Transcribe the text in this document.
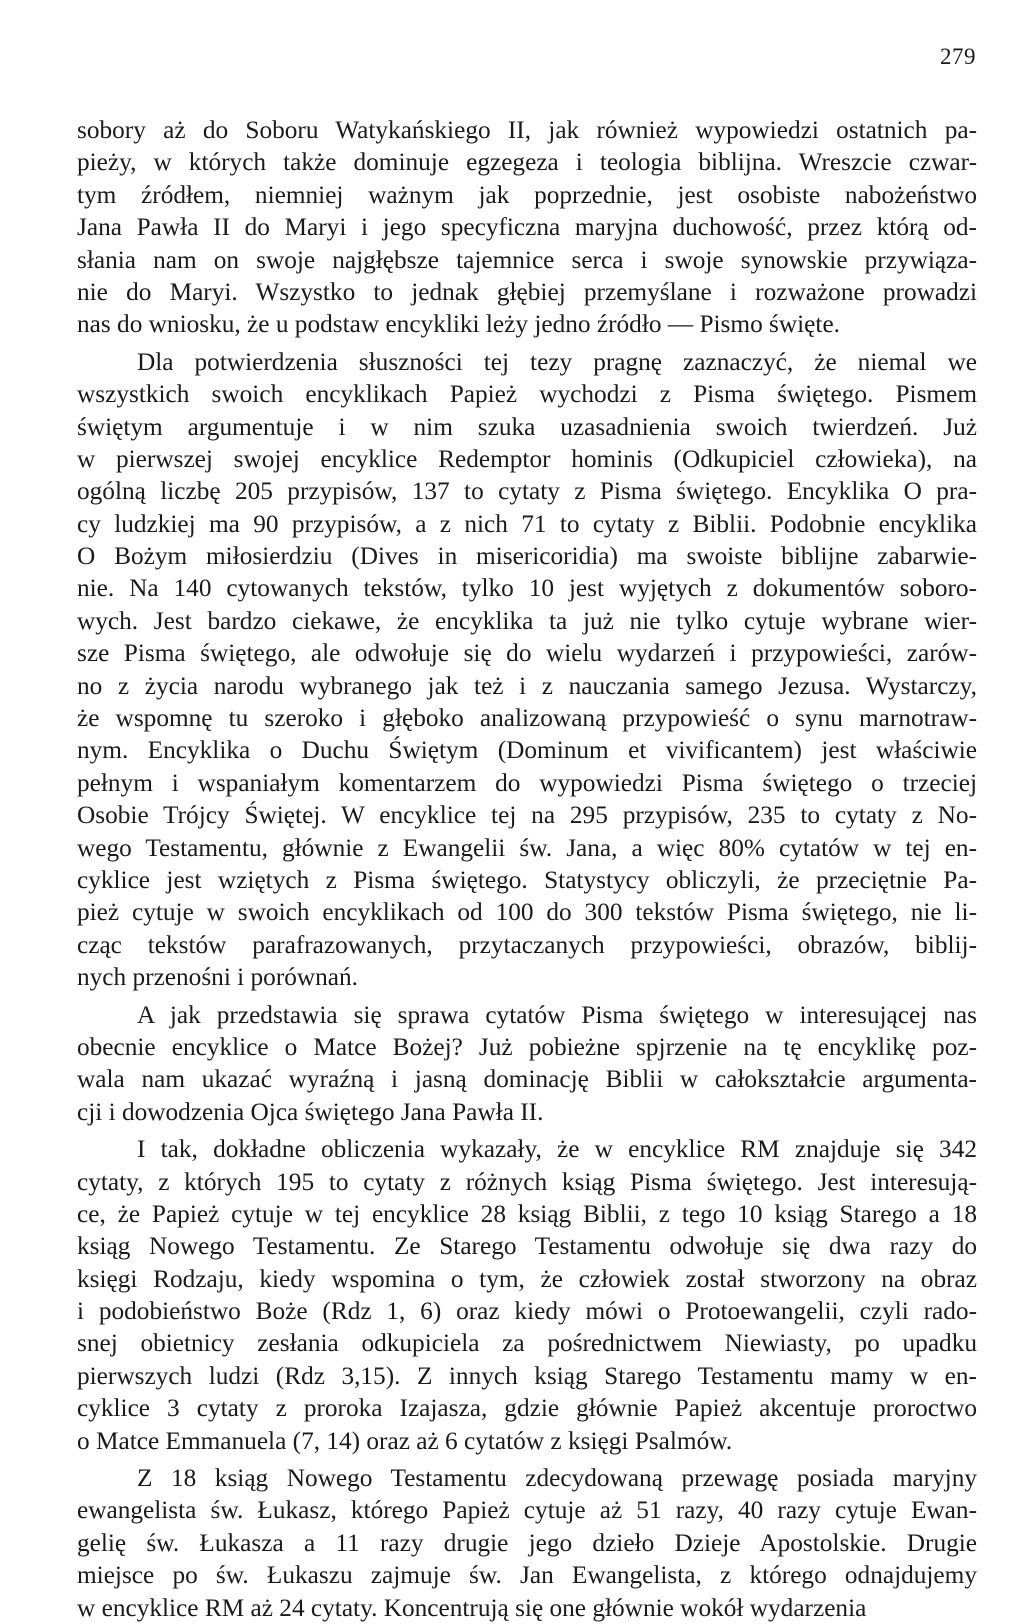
279
sobory aż do Soboru Watykańskiego II, jak również wypowiedzi ostatnich pa-
pieży, w których także dominuje egzegeza i teologia biblijna. Wreszcie czwar-
tym źródłem, niemniej ważnym jak poprzednie, jest osobiste nabożeństwo
Jana Pawła II do Maryi i jego specyficzna maryjna duchowość, przez którą od-
słania nam on swoje najgłębsze tajemnice serca i swoje synowskie przywiąza-
nie do Maryi. Wszystko to jednak głębiej przemyślane i rozważone prowadzi
nas do wniosku, że u podstaw encykliki leży jedno źródło — Pismo święte.
Dla potwierdzenia słuszności tej tezy pragnę zaznaczyć, że niemal we
wszystkich swoich encyklikach Papież wychodzi z Pisma świętego. Pismem
świętym argumentuje i w nim szuka uzasadnienia swoich twierdzeń. Już
w pierwszej swojej encyklice Redemptor hominis (Odkupiciel człowieka), na
ogólną liczbę 205 przypisów, 137 to cytaty z Pisma świętego. Encyklika O pra-
cy ludzkiej ma 90 przypisów, a z nich 71 to cytaty z Biblii. Podobnie encyklika
O Bożym miłosierdziu (Dives in misericoridia) ma swoiste biblijne zabarwie-
nie. Na 140 cytowanych tekstów, tylko 10 jest wyjętych z dokumentów soboro-
wych. Jest bardzo ciekawe, że encyklika ta już nie tylko cytuje wybrane wier-
sze Pisma świętego, ale odwołuje się do wielu wydarzeń i przypowieści, zarów-
no z życia narodu wybranego jak też i z nauczania samego Jezusa. Wystarczy,
że wspomnę tu szeroko i głęboko analizowaną przypowieść o synu marnotraw-
nym. Encyklika o Duchu Świętym (Dominum et vivificantem) jest właściwie
pełnym i wspaniałym komentarzem do wypowiedzi Pisma świętego o trzeciej
Osobie Trójcy Świętej. W encyklice tej na 295 przypisów, 235 to cytaty z No-
wego Testamentu, głównie z Ewangelii św. Jana, a więc 80% cytatów w tej en-
cyklice jest wziętych z Pisma świętego. Statystycy obliczyli, że przeciętnie Pa-
pież cytuje w swoich encyklikach od 100 do 300 tekstów Pisma świętego, nie li-
cząc tekstów parafrazowanych, przytaczanych przypowieści, obrazów, biblij-
nych przenośni i porównań.
A jak przedstawia się sprawa cytatów Pisma świętego w interesującej nas
obecnie encyklice o Matce Bożej? Już pobieżne spjrzenie na tę encyklikę poz-
wala nam ukazać wyraźną i jasną dominację Biblii w całokształcie argumenta-
cji i dowodzenia Ojca świętego Jana Pawła II.
I tak, dokładne obliczenia wykazały, że w encyklice RM znajduje się 342
cytaty, z których 195 to cytaty z różnych ksiąg Pisma świętego. Jest interesują-
ce, że Papież cytuje w tej encyklice 28 ksiąg Biblii, z tego 10 ksiąg Starego a 18
ksiąg Nowego Testamentu. Ze Starego Testamentu odwołuje się dwa razy do
księgi Rodzaju, kiedy wspomina o tym, że człowiek został stworzony na obraz
i podobieństwo Boże (Rdz 1, 6) oraz kiedy mówi o Protoewangelii, czyli rado-
snej obietnicy zesłania odkupiciela za pośrednictwem Niewiasty, po upadku
pierwszych ludzi (Rdz 3,15). Z innych ksiąg Starego Testamentu mamy w en-
cyklice 3 cytaty z proroka Izajasza, gdzie głównie Papież akcentuje proroctwo
o Matce Emmanuela (7, 14) oraz aż 6 cytatów z księgi Psalmów.
Z 18 ksiąg Nowego Testamentu zdecydowaną przewagę posiada maryjny
ewangelista św. Łukasz, którego Papież cytuje aż 51 razy, 40 razy cytuje Ewan-
gelię św. Łukasza a 11 razy drugie jego dzieło Dzieje Apostolskie. Drugie
miejsce po św. Łukaszu zajmuje św. Jan Ewangelista, z którego odnajdujemy
w encyklice RM aż 24 cytaty. Koncentrują się one głównie wokół wydarzenia
